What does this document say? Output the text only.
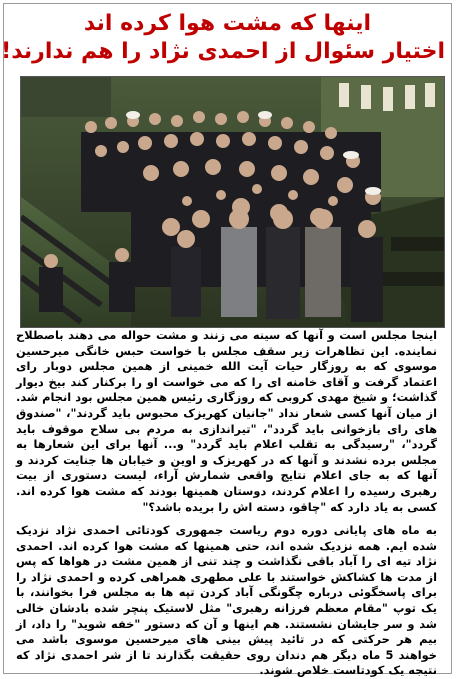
اینها که مشت هوا کرده اند
اختیار سئوال از احمدی نژاد را هم ندارند!
اینجا مجلس است و آنها که سینه می زنند و مشت حواله می دهند باصطلاح نماینده. این تظاهرات زیر سقف مجلس با خواست حبس خانگی میرحسین موسوی که به روزگار حیات آیت الله خمینی از همین مجلس دوبار رای اعتماد گرفت و آقای خامنه ای را که می خواست او را برکنار کند بیخ دیوار گذاشت؛ و شیخ مهدی کروبی که روزگاری رئیس همین مجلس بود انجام شد. از میان آنها کسی شعار نداد "جانیان کهریزک محبوس باید گردند"، "صندوق های رای بازخوانی باید گردد"، "تیراندازی به مردم بی سلاح موقوف باید گردد"، "رسیدگی به تقلب اعلام باید گردد" و... آنها برای این شعارها به مجلس برده نشدند و آنها که در کهریزک و اوین و خیابان ها جنایت کردند و آنها که به جای اعلام نتایج واقعی شمارش آراء، لیست دستوری از بیت رهبری رسیده را اعلام کردند، دوستان همینها بودند که مشت هوا کرده اند. کسی به یاد دارد که "چاقو، دسته اش را بریده باشد؟"
به ماه های پایانی دوره دوم ریاست جمهوری کودتائی احمدی نژاد نزدیک شده ایم. همه نزدیک شده اند، حتی همینها که مشت هوا کرده اند. احمدی نژاد تیه ای را آباد باقی نگذاشت و چند تنی از همین مشت در هواها که پس از مدت ها کشاکش خواستند با علی مطهری همراهی کرده و احمدی نژاد را برای پاسخگوئی درباره چگونگی آباد کردن تپه ها به مجلس فرا بخوانند، با یک توپ "مقام معظم فرزانه رهبری" مثل لاستیک پنچر شده بادشان خالی شد و سر جایشان نشستند. هم اینها و آن که دستور "خفه شوید" را داد، از بیم هر حرکتی که در تائید پیش بینی های میرحسین موسوی باشد می خواهند 5 ماه دیگر هم دندان روی حقیقت بگذارند تا از شر احمدی نژاد که نتیجه یک کودتاست خلاص شوند.
